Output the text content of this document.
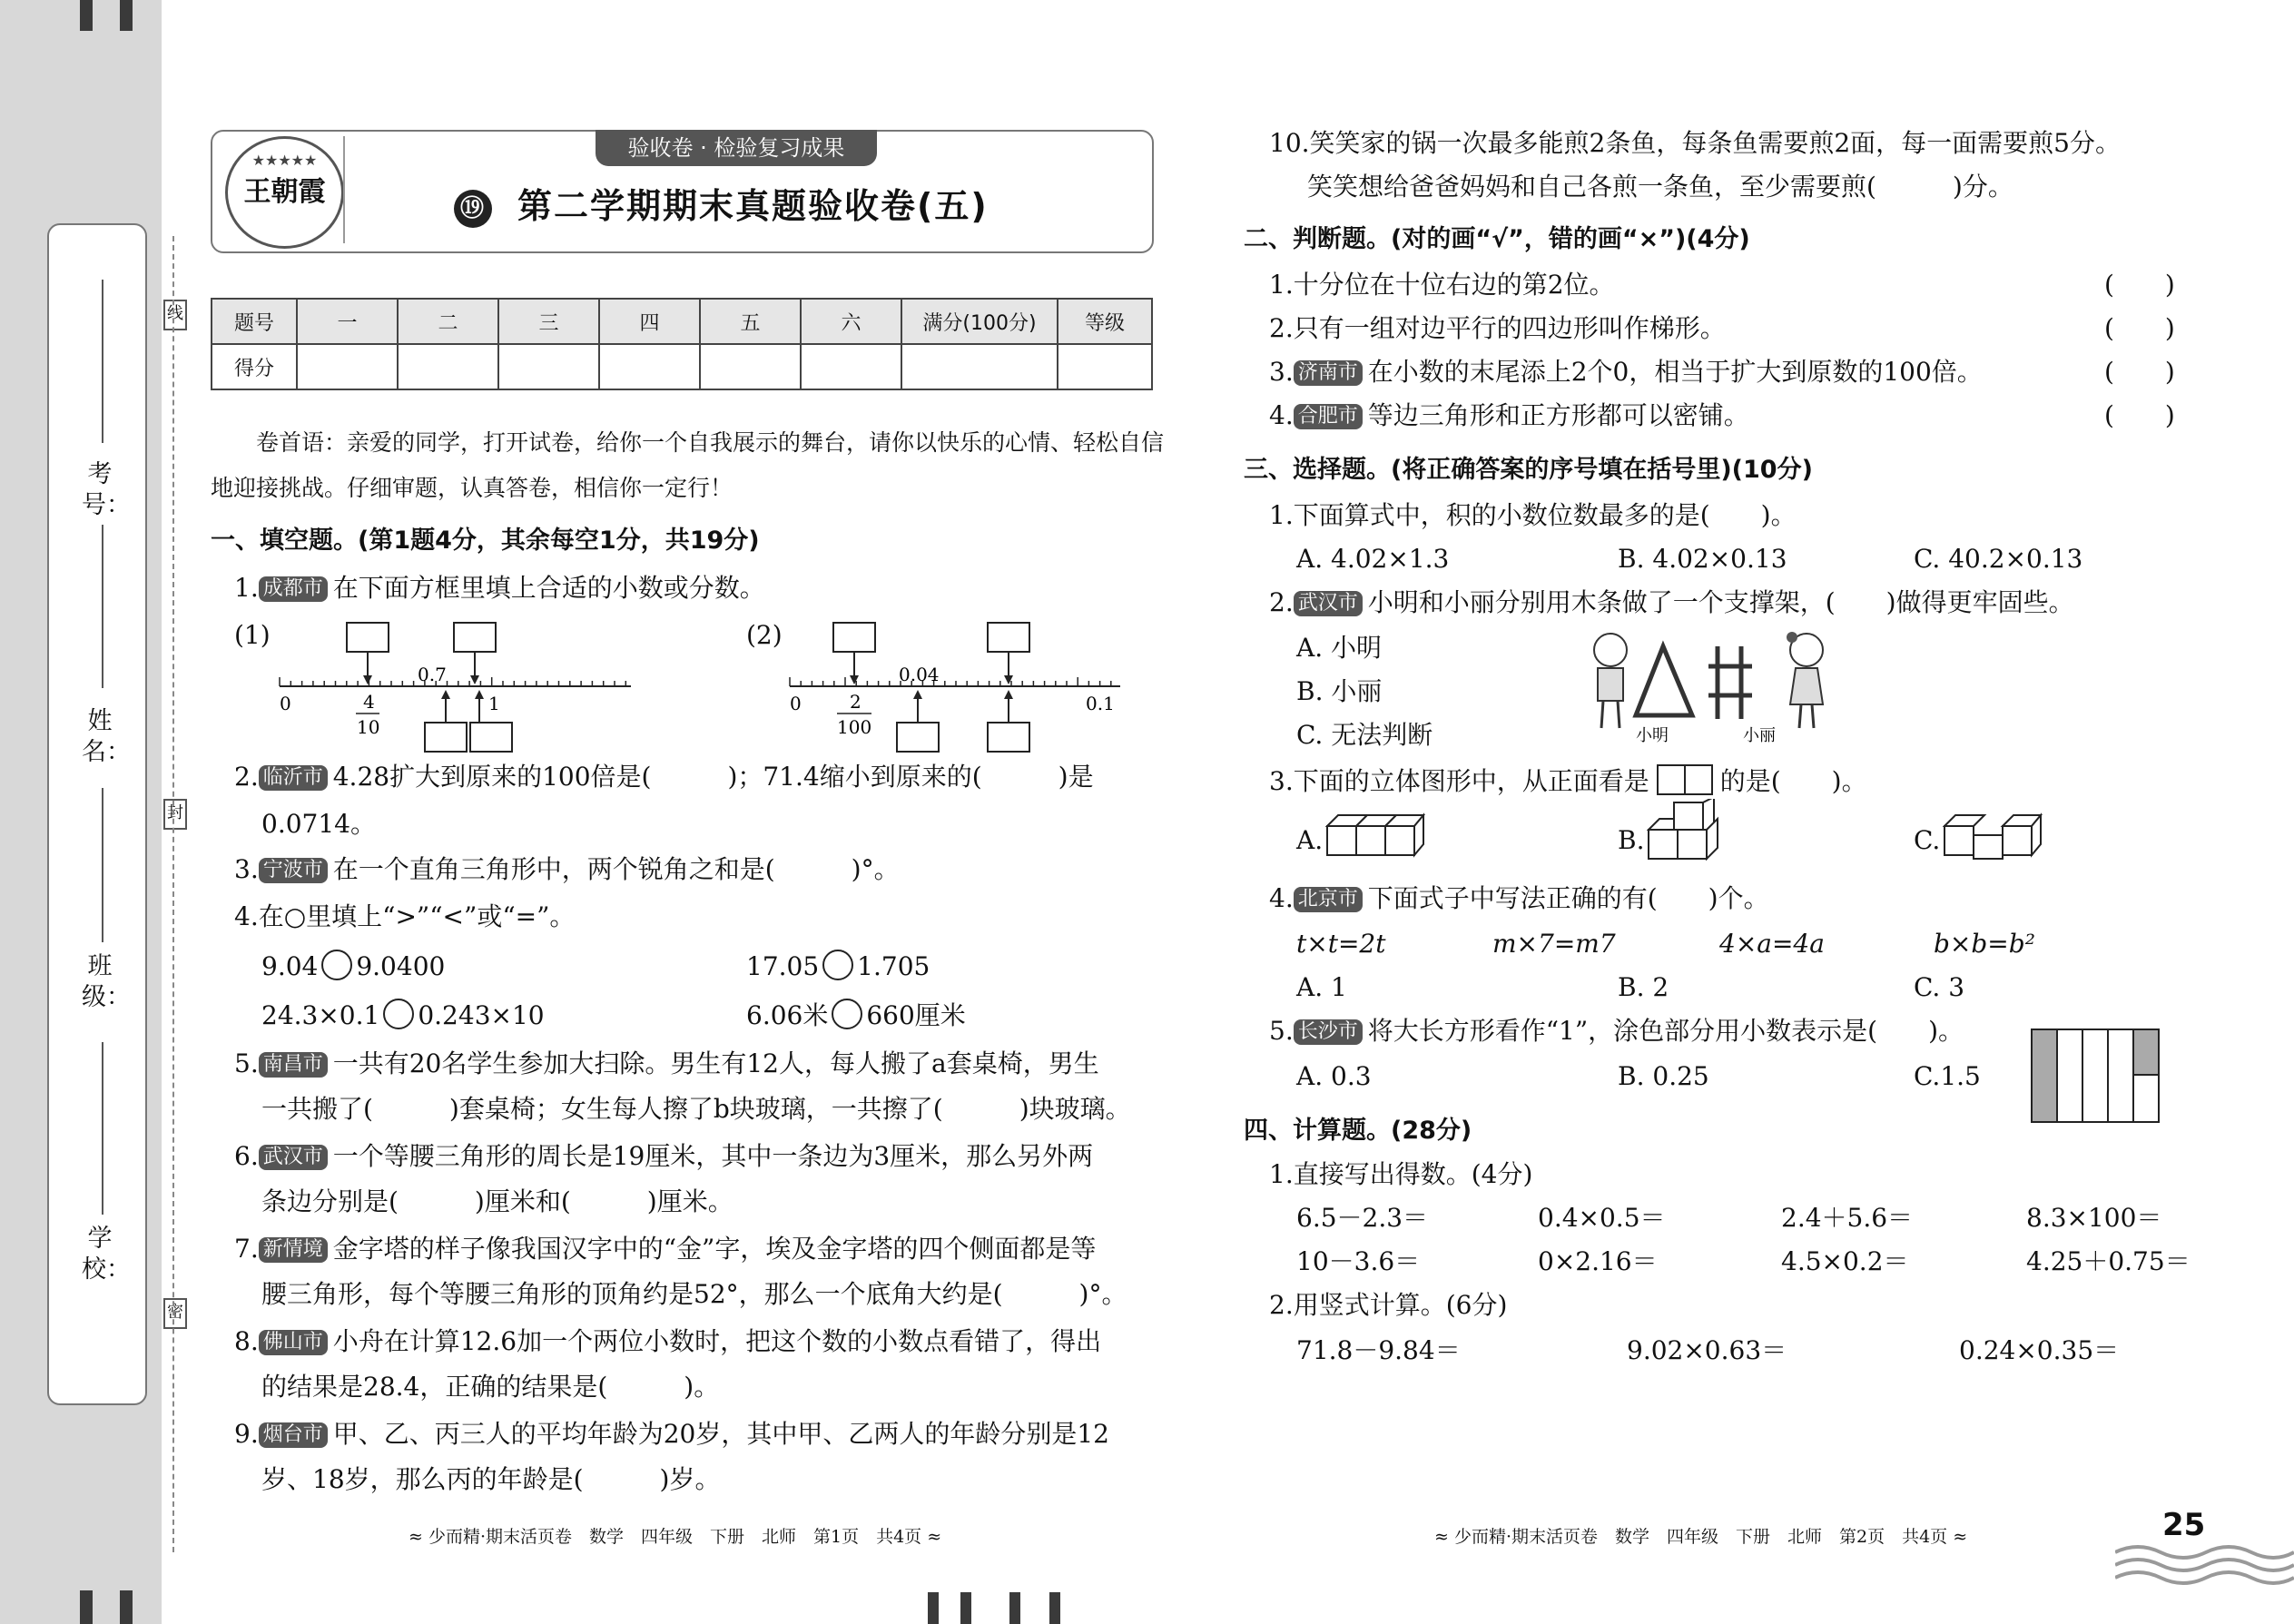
考号：
姓名：
班级：
学校：
线
封
密
验收卷 · 检验复习成果
★★★★★
王朝霞
⑲ 第二学期期末真题验收卷(五)
题号	一	二	三	四	五	六	满分(100分)	等级
得分								
卷首语：亲爱的同学，打开试卷，给你一个自我展示的舞台，请你以快乐的心情、轻松自信
地迎接挑战。仔细审题，认真答卷，相信你一定行！
一、填空题。(第1题4分，其余每空1分，共19分)
1. 成都市 在下面方框里填上合适的小数或分数。
(1)
0	4
10
0.7
1
(2)
0	2
100
0.04
0.1
2. 临沂市 4.28扩大到原来的100倍是(　　　)；71.4缩小到原来的(　　　)是
0.0714。
3. 宁波市 在一个直角三角形中，两个锐角之和是(　　　)°。
4.在○里填上“>”“<”或“=”。
9.04 9.0400	17.05 1.705
24.3×0.1 0.243×10	6.06米 660厘米
5. 南昌市 一共有20名学生参加大扫除。男生有12人，每人搬了a套桌椅，男生
一共搬了(　　　)套桌椅；女生每人擦了b块玻璃，一共擦了(　　　)块玻璃。
6. 武汉市 一个等腰三角形的周长是19厘米，其中一条边为3厘米，那么另外两
条边分别是(　　　)厘米和(　　　)厘米。
7. 新情境 金字塔的样子像我国汉字中的“金”字，埃及金字塔的四个侧面都是等
腰三角形，每个等腰三角形的顶角约是52°，那么一个底角大约是(　　　)°。
8. 佛山市 小舟在计算12.6加一个两位小数时，把这个数的小数点看错了，得出
的结果是28.4，正确的结果是(　　　)。
9. 烟台市 甲、乙、丙三人的平均年龄为20岁，其中甲、乙两人的年龄分别是12
岁、18岁，那么丙的年龄是(　　　)岁。
≈ 少而精·期末活页卷　数学　四年级　下册　北师　第1页　共4页 ≈
10.笑笑家的锅一次最多能煎2条鱼，每条鱼需要煎2面，每一面需要煎5分。
笑笑想给爸爸妈妈和自己各煎一条鱼，至少需要煎(　　　)分。
二、判断题。(对的画“√”，错的画“×”)(4分)
1.十分位在十位右边的第2位。	(　　)
2.只有一组对边平行的四边形叫作梯形。	(　　)
3. 济南市 在小数的末尾添上2个0，相当于扩大到原数的100倍。	(　　)
4. 合肥市 等边三角形和正方形都可以密铺。	(　　)
三、选择题。(将正确答案的序号填在括号里)(10分)
1.下面算式中，积的小数位数最多的是(　　)。
A. 4.02×1.3	B. 4.02×0.13	C. 40.2×0.13
2. 武汉市 小明和小丽分别用木条做了一个支撑架，(　　)做得更牢固些。
A. 小明
B. 小丽
C. 无法判断	小明	小丽
3.下面的立体图形中，从正面看是	的是(　　)。
A.	B.	C.
4. 北京市 下面式子中写法正确的有(　　)个。
t×t=2t	m×7=m7	4×a=4a	b×b=b²
A. 1	B. 2	C. 3
5. 长沙市 将大长方形看作“1”，涂色部分用小数表示是(　　)。
A. 0.3	B. 0.25	C.1.5
四、计算题。(28分)
1.直接写出得数。(4分)
6.5－2.3＝	0.4×0.5＝	2.4＋5.6＝	8.3×100＝
10－3.6＝	0×2.16＝	4.5×0.2＝	4.25＋0.75＝
2.用竖式计算。(6分)
71.8－9.84＝	9.02×0.63＝	0.24×0.35＝
≈ 少而精·期末活页卷　数学　四年级　下册　北师　第2页　共4页 ≈	25
